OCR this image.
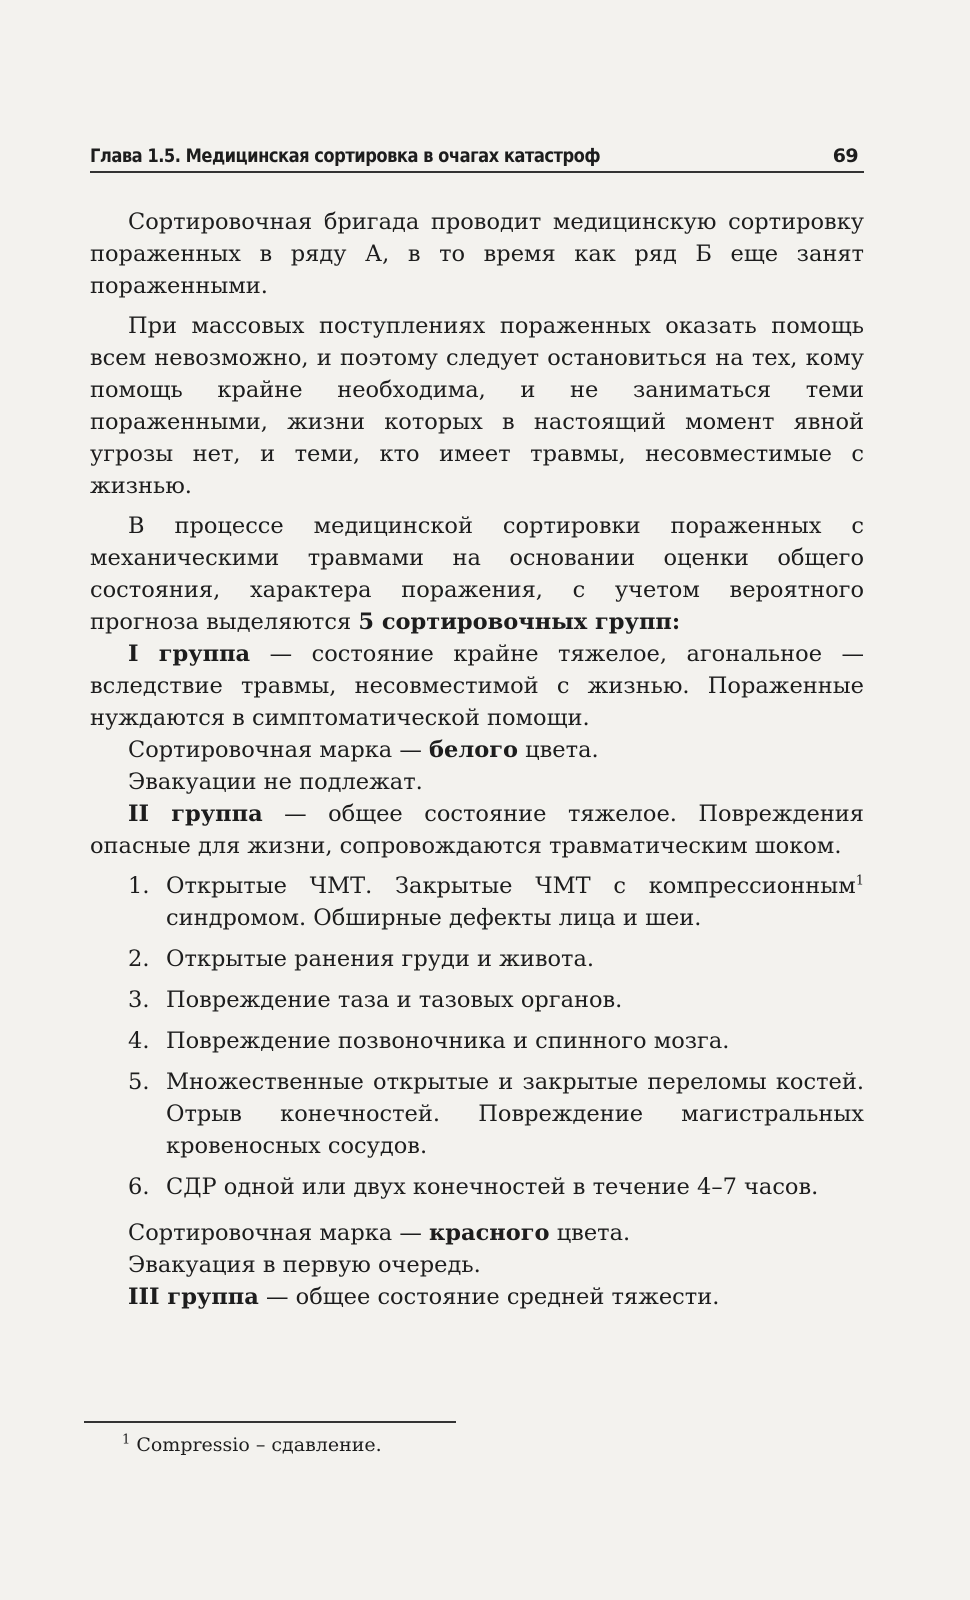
Глава 1.5. Медицинская сортировка в очагах катастроф	69

Сортировочная бригада проводит медицинскую сортировку пораженных в ряду А, в то время как ряд Б еще занят пораженными.

При массовых поступлениях пораженных оказать помощь всем невозможно, и поэтому следует остановиться на тех, кому помощь крайне необходима, и не заниматься теми пораженными, жизни которых в настоящий момент явной угрозы нет, и теми, кто имеет травмы, несовместимые с жизнью.

В процессе медицинской сортировки пораженных с механическими травмами на основании оценки общего состояния, характера поражения, с учетом вероятного прогноза выделяются 5 сортировочных групп:

I группа — состояние крайне тяжелое, агональное — вследствие травмы, несовместимой с жизнью. Пораженные нуждаются в симптоматической помощи.

Сортировочная марка — белого цвета.

Эвакуации не подлежат.

II группа — общее состояние тяжелое. Повреждения опасные для жизни, сопровождаются травматическим шоком.

1. Открытые ЧМТ. Закрытые ЧМТ с компрессионным$^1$ синдромом. Обширные дефекты лица и шеи.
2. Открытые ранения груди и живота.
3. Повреждение таза и тазовых органов.
4. Повреждение позвоночника и спинного мозга.
5. Множественные открытые и закрытые переломы костей. Отрыв конечностей. Повреждение магистральных кровеносных сосудов.
6. СДР одной или двух конечностей в течение 4–7 часов.

Сортировочная марка — красного цвета.

Эвакуация в первую очередь.

III группа — общее состояние средней тяжести.

$^1$ Compressio – сдавление.
